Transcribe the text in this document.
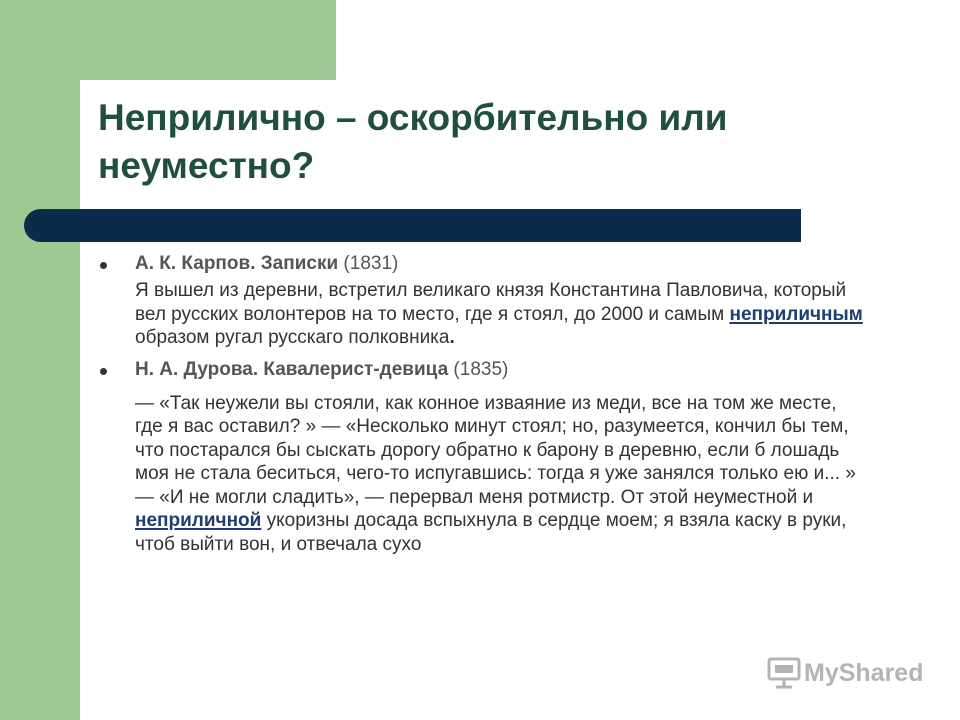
Неприлично – оскорбительно или неуместно?
А. К. Карпов. Записки (1831)

Я вышел из деревни, встретил великаго князя Константина Павловича, который вел русских волонтеров на то место, где я стоял, до 2000 и самым неприличным образом ругал русскаго полковника.

Н. А. Дурова. Кавалерист-девица (1835)

— «Так неужели вы стояли, как конное изваяние из меди, все на том же месте, где я вас оставил? » — «Несколько минут стоял; но, разумеется, кончил бы тем, что постарался бы сыскать дорогу обратно к барону в деревню, если б лошадь моя не стала беситься, чего-то испугавшись: тогда я уже занялся только ею и... » — «И не могли сладить», — перервал меня ротмистр. От этой неуместной и неприличной укоризны досада вспыхнула в сердце моем; я взяла каску в руки, чтоб выйти вон, и отвечала сухо

MyShared
